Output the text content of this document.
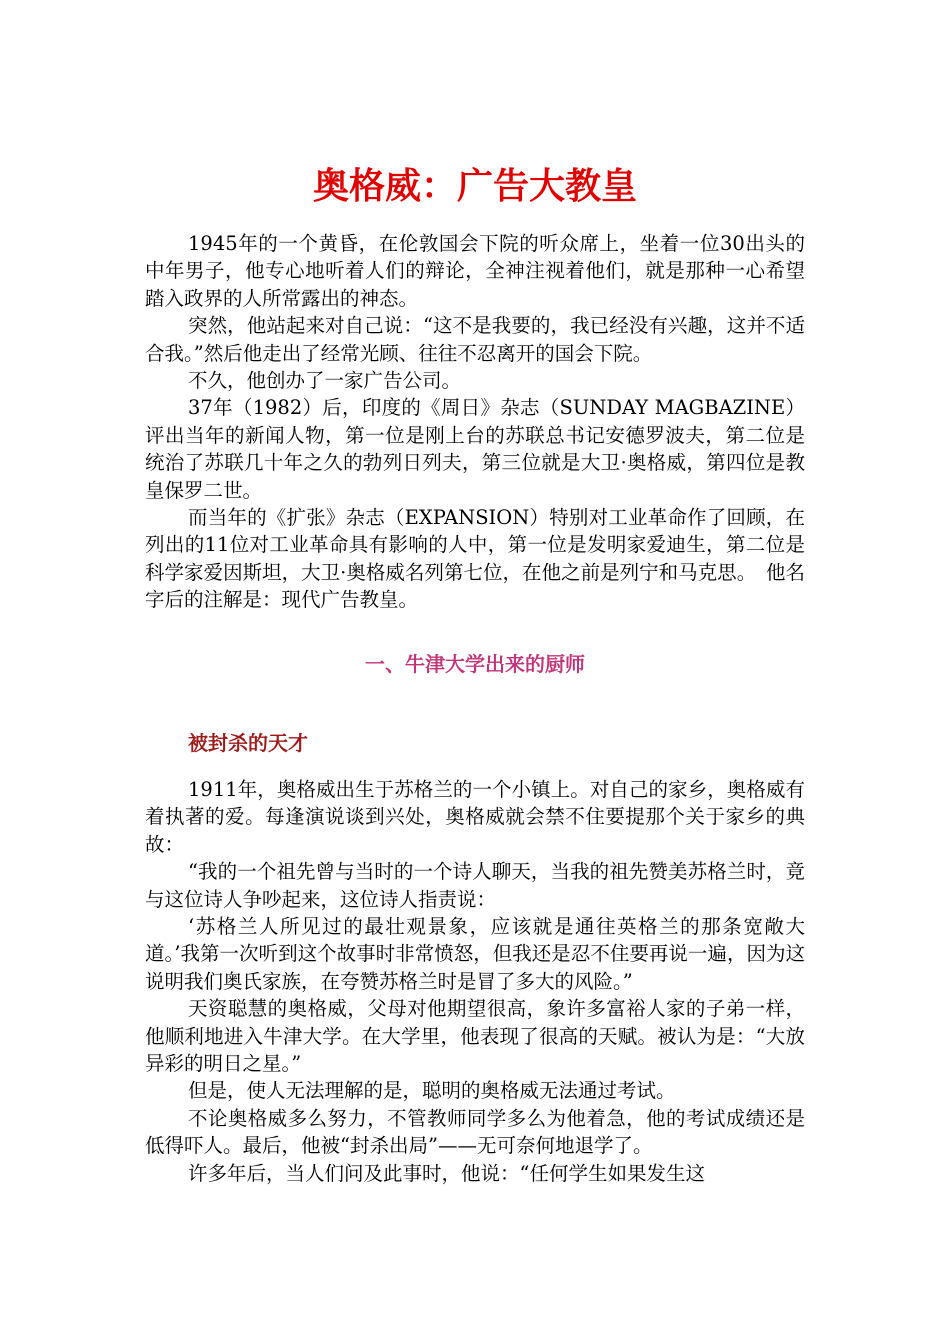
奥格威：广告大教皇

1945年的一个黄昏，在伦敦国会下院的听众席上，坐着一位30出头的中年男子，他专心地听着人们的辩论，全神注视着他们，就是那种一心希望踏入政界的人所常露出的神态。

突然，他站起来对自己说：“这不是我要的，我已经没有兴趣，这并不适合我。”然后他走出了经常光顾、往往不忍离开的国会下院。

不久，他创办了一家广告公司。

37年（1982）后，印度的《周日》杂志（SUNDAY MAGBAZINE）评出当年的新闻人物，第一位是刚上台的苏联总书记安德罗波夫，第二位是统治了苏联几十年之久的勃列日列夫，第三位就是大卫·奥格威，第四位是教皇保罗二世。

而当年的《扩张》杂志（EXPANSION）特别对工业革命作了回顾，在列出的11位对工业革命具有影响的人中，第一位是发明家爱迪生，第二位是科学家爱因斯坦，大卫·奥格威名列第七位，在他之前是列宁和马克思。　他名字后的注解是：现代广告教皇。

一、牛津大学出来的厨师
被封杀的天才

1911年，奥格威出生于苏格兰的一个小镇上。对自己的家乡，奥格威有着执著的爱。每逢演说谈到兴处，奥格威就会禁不住要提那个关于家乡的典故：

“我的一个祖先曾与当时的一个诗人聊天，当我的祖先赞美苏格兰时，竟与这位诗人争吵起来，这位诗人指责说：

‘苏格兰人所见过的最壮观景象，应该就是通往英格兰的那条宽敞大道。’我第一次听到这个故事时非常愤怒，但我还是忍不住要再说一遍，因为这说明我们奥氏家族，在夸赞苏格兰时是冒了多大的风险。”

天资聪慧的奥格威，父母对他期望很高，象许多富裕人家的子弟一样，他顺利地进入牛津大学。在大学里，他表现了很高的天赋。被认为是：“大放异彩的明日之星。”

但是，使人无法理解的是，聪明的奥格威无法通过考试。

不论奥格威多么努力，不管教师同学多么为他着急，他的考试成绩还是低得吓人。最后，他被“封杀出局”——无可奈何地退学了。

许多年后，当人们问及此事时，他说：“任何学生如果发生这
